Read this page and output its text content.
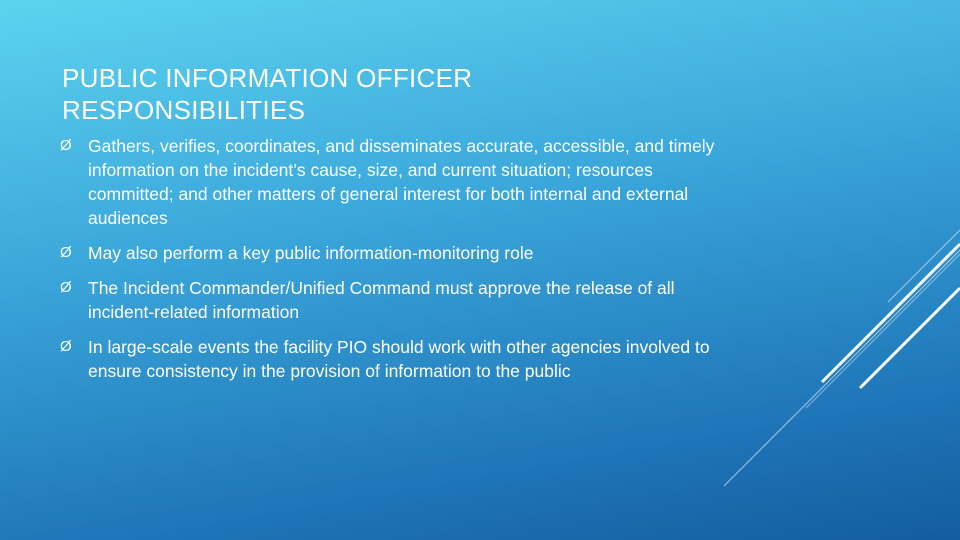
PUBLIC INFORMATION OFFICER RESPONSIBILITIES
Ø Gathers, verifies, coordinates, and disseminates accurate, accessible, and timely information on the incident’s cause, size, and current situation; resources committed; and other matters of general interest for both internal and external audiences
Ø May also perform a key public information-monitoring role
Ø The Incident Commander/Unified Command must approve the release of all incident-related information
Ø In large-scale events the facility PIO should work with other agencies involved to ensure consistency in the provision of information to the public
